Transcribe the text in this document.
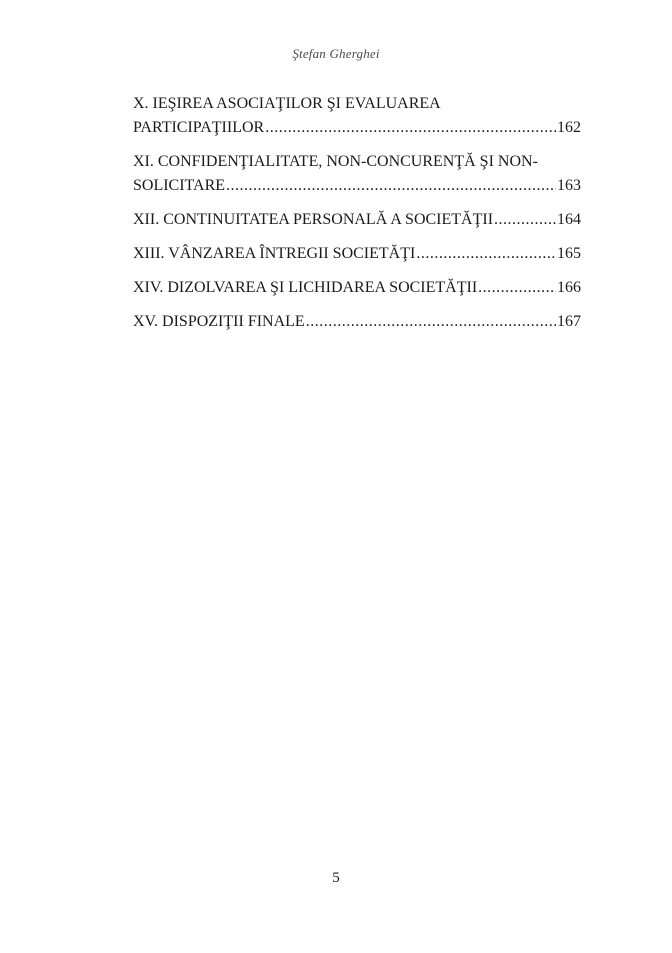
Ştefan Gherghei
X. IEŞIREA ASOCIAŢILOR ŞI EVALUAREA
PARTICIPAŢIILOR .....	162
XI. CONFIDENŢIALITATE, NON-CONCURENŢĂ ŞI NON-
SOLICITARE .....	163
XII. CONTINUITATEA PERSONALĂ A SOCIETĂŢII .....	164
XIII. VÂNZAREA ÎNTREGII SOCIETĂŢI .....	165
XIV. DIZOLVAREA ŞI LICHIDAREA SOCIETĂŢII .....	166
XV. DISPOZIŢII FINALE .....	167
5
